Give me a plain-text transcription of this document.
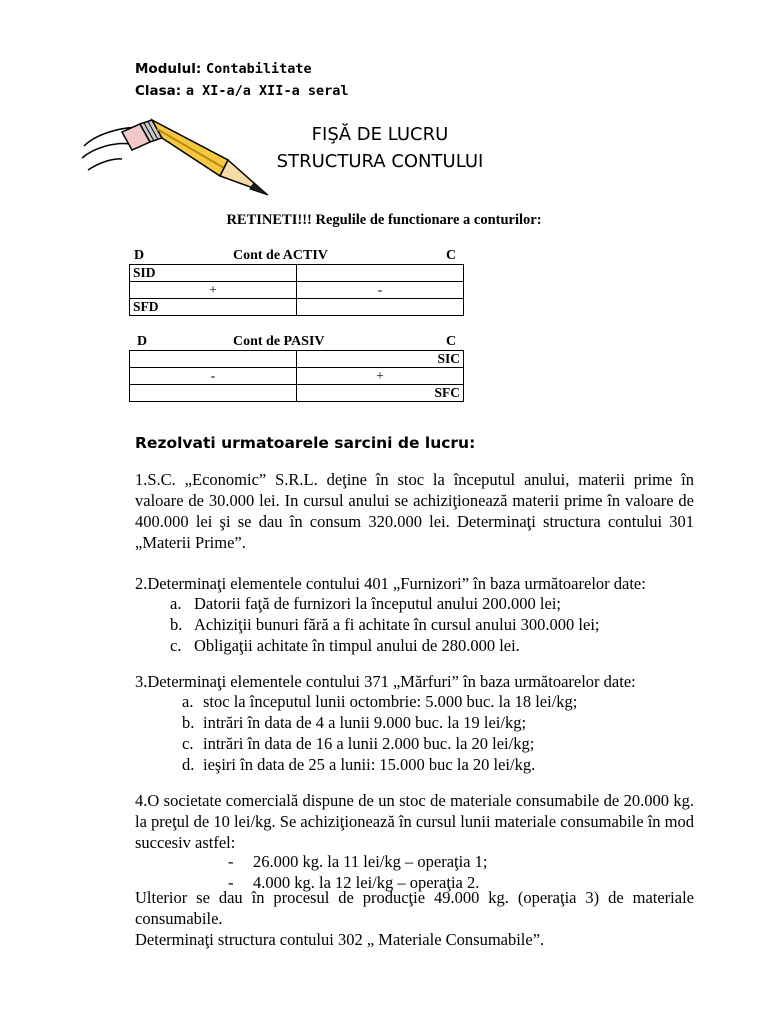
Modulul: Contabilitate
Clasa: a XI-a/a XII-a seral
FIŞĂ DE LUCRU
STRUCTURA CONTULUI
RETINETI!!! Regulile de functionare a conturilor:
D	Cont de ACTIV	C
SID	
+	-
SFD	
D	Cont de PASIV	C
	SIC
-	+
	SFC
Rezolvati urmatoarele sarcini de lucru:
1.S.C. „Economic” S.R.L. deţine în stoc la începutul anului, materii prime în valoare de 30.000 lei. In cursul anului se achiziţionează materii prime în valoare de 400.000 lei şi se dau în consum 320.000 lei. Determinaţi structura contului 301 „Materii Prime”.
2.Determinaţi elementele contului 401 „Furnizori” în baza următoarelor date:
a. Datorii faţă de furnizori la începutul anului 200.000 lei;
b. Achiziţii bunuri fără a fi achitate în cursul anului 300.000 lei;
c. Obligaţii achitate în timpul anului de 280.000 lei.
3.Determinaţi elementele contului 371 „Mărfuri” în baza următoarelor date:
a. stoc la începutul lunii octombrie: 5.000 buc. la 18 lei/kg;
b. intrări în data de 4 a lunii 9.000 buc. la 19 lei/kg;
c. intrări în data de 16 a lunii 2.000 buc. la 20 lei/kg;
d. ieşiri în data de 25 a lunii: 15.000 buc la 20 lei/kg.
4.O societate comercială dispune de un stoc de materiale consumabile de 20.000 kg. la preţul de 10 lei/kg. Se achiziţionează în cursul lunii materiale consumabile în mod succesiv astfel:
- 26.000 kg. la 11 lei/kg – operaţia 1;
- 4.000 kg. la 12 lei/kg – operaţia 2.
Ulterior se dau în procesul de producţie 49.000 kg. (operaţia 3) de materiale consumabile.
Determinaţi structura contului 302 „ Materiale Consumabile”.
